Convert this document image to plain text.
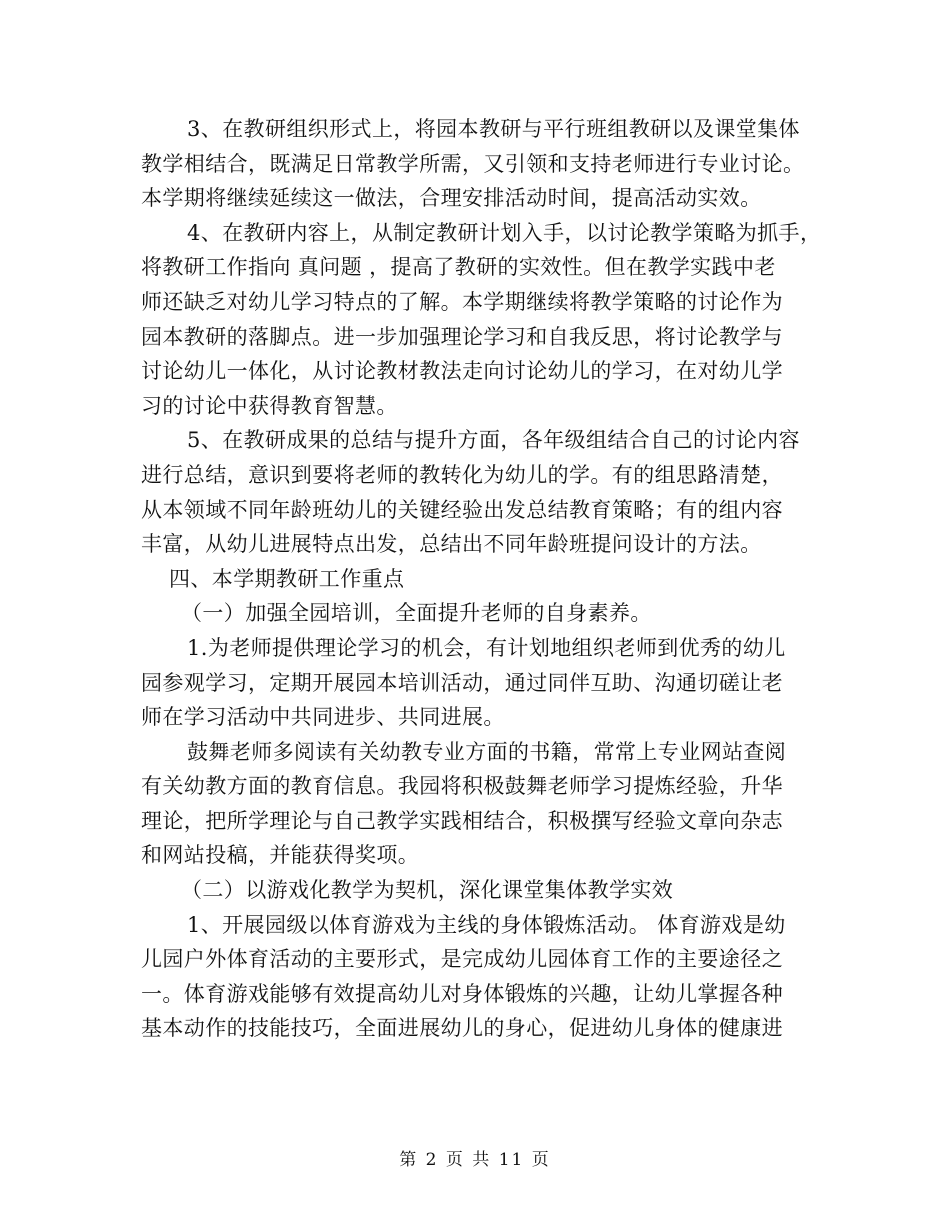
3、在教研组织形式上，将园本教研与平行班组教研以及课堂集体
教学相结合，既满足日常教学所需，又引领和支持老师进行专业讨论。
本学期将继续延续这一做法，合理安排活动时间，提高活动实效。
4、在教研内容上，从制定教研计划入手，以讨论教学策略为抓手，
将教研工作指向 真问题 ，提高了教研的实效性。但在教学实践中老
师还缺乏对幼儿学习特点的了解。本学期继续将教学策略的讨论作为
园本教研的落脚点。进一步加强理论学习和自我反思，将讨论教学与
讨论幼儿一体化，从讨论教材教法走向讨论幼儿的学习，在对幼儿学
习的讨论中获得教育智慧。
5、在教研成果的总结与提升方面，各年级组结合自己的讨论内容
进行总结，意识到要将老师的教转化为幼儿的学。有的组思路清楚，
从本领域不同年龄班幼儿的关键经验出发总结教育策略；有的组内容
丰富，从幼儿进展特点出发，总结出不同年龄班提问设计的方法。
四、本学期教研工作重点
（一）加强全园培训，全面提升老师的自身素养。
1.为老师提供理论学习的机会，有计划地组织老师到优秀的幼儿
园参观学习，定期开展园本培训活动，通过同伴互助、沟通切磋让老
师在学习活动中共同进步、共同进展。
鼓舞老师多阅读有关幼教专业方面的书籍，常常上专业网站查阅
有关幼教方面的教育信息。我园将积极鼓舞老师学习提炼经验，升华
理论，把所学理论与自己教学实践相结合，积极撰写经验文章向杂志
和网站投稿，并能获得奖项。
（二）以游戏化教学为契机，深化课堂集体教学实效
1、开展园级以体育游戏为主线的身体锻炼活动。 体育游戏是幼
儿园户外体育活动的主要形式，是完成幼儿园体育工作的主要途径之
一。体育游戏能够有效提高幼儿对身体锻炼的兴趣，让幼儿掌握各种
基本动作的技能技巧，全面进展幼儿的身心，促进幼儿身体的健康进
第 2 页 共 11 页
